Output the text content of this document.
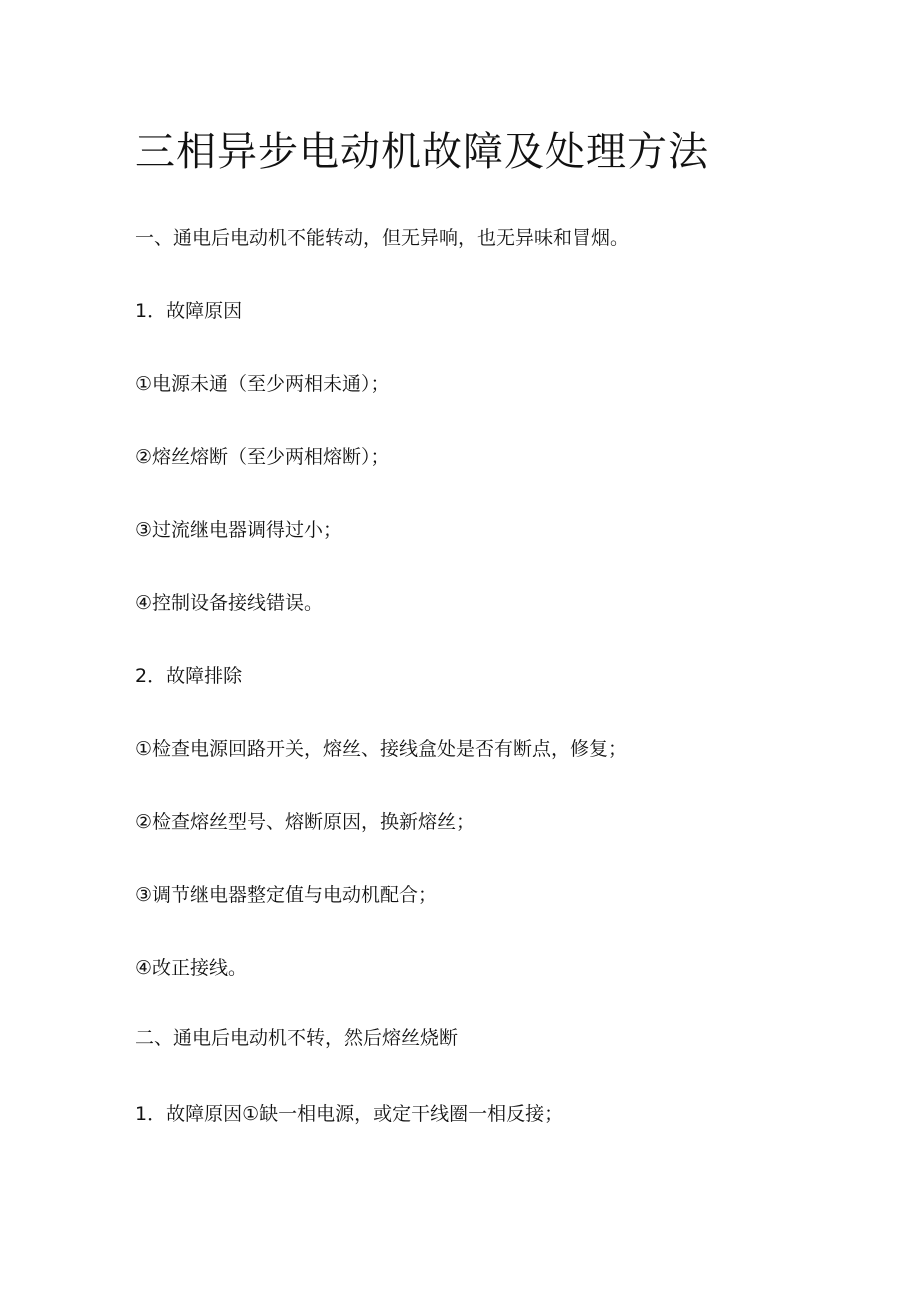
三相异步电动机故障及处理方法

一、通电后电动机不能转动，但无异响，也无异味和冒烟。

1．故障原因

①电源未通（至少两相未通）；

②熔丝熔断（至少两相熔断）；

③过流继电器调得过小；

④控制设备接线错误。

2．故障排除

①检查电源回路开关，熔丝、接线盒处是否有断点，修复；

②检查熔丝型号、熔断原因，换新熔丝；

③调节继电器整定值与电动机配合；

④改正接线。

二、通电后电动机不转，然后熔丝烧断

1．故障原因①缺一相电源，或定干线圈一相反接；
